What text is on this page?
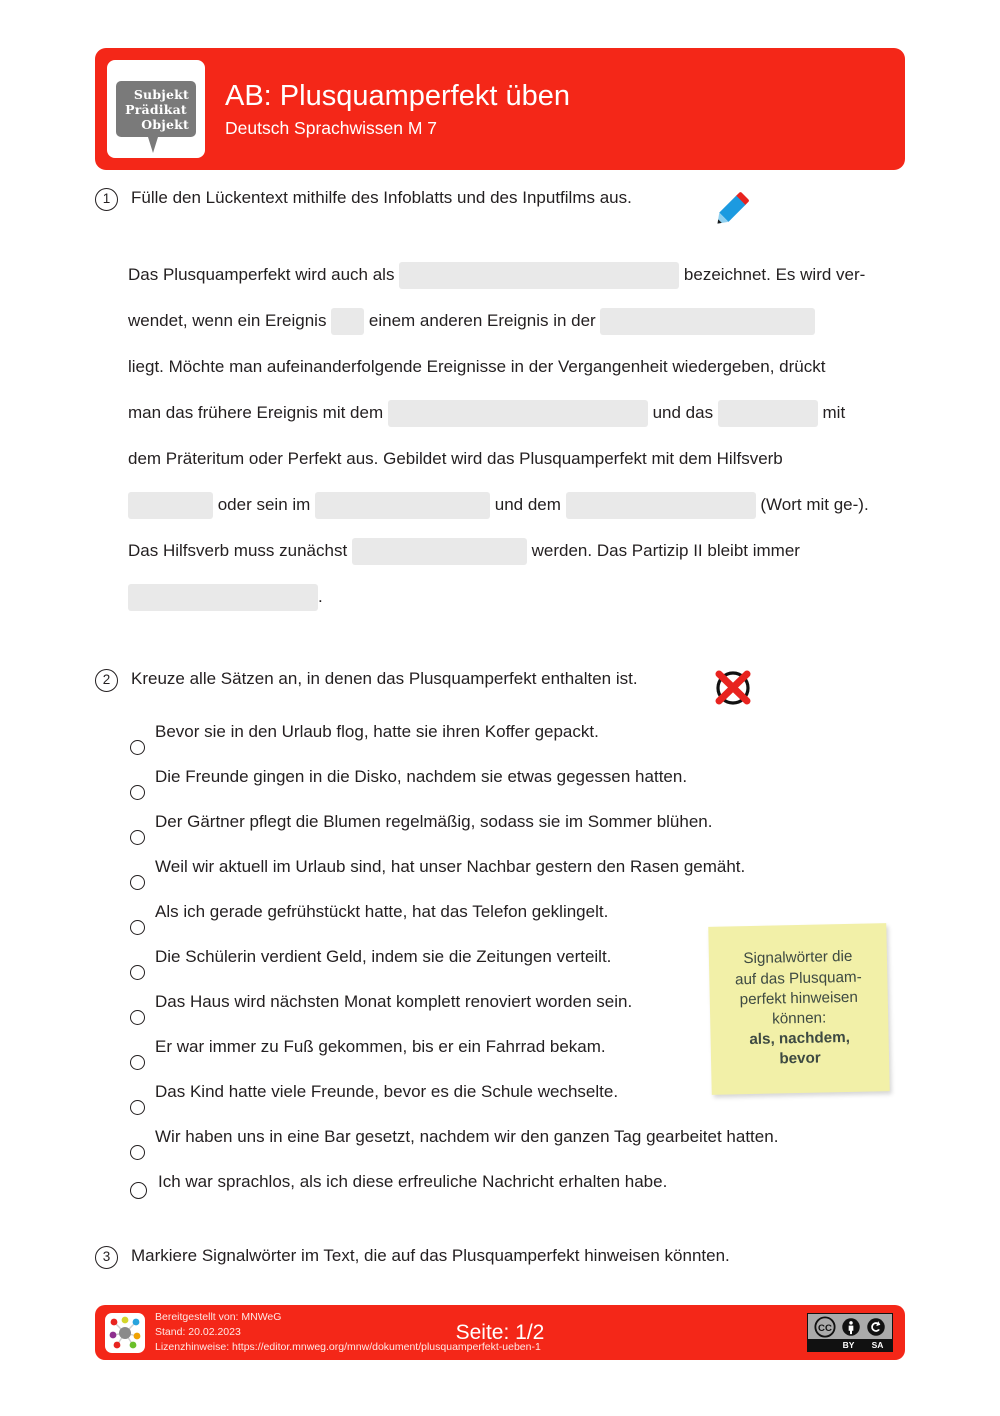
Subjekt
Prädikat
Objekt
AB: Plusquamperfekt üben
Deutsch Sprachwissen M 7
1	Fülle den Lückentext mithilfe des Infoblatts und des Inputfilms aus.
Das Plusquamperfekt wird auch als	bezeichnet. Es wird ver-
wendet, wenn ein Ereignis einem anderen Ereignis in der
liegt. Möchte man aufeinanderfolgende Ereignisse in der Vergangenheit wiedergeben, drückt
man das frühere Ereignis mit dem	und das	mit
dem Präteritum oder Perfekt aus. Gebildet wird das Plusquamperfekt mit dem Hilfsverb
oder sein im	und dem	(Wort mit ge-).
Das Hilfsverb muss zunächst	werden. Das Partizip II bleibt immer
.
2	Kreuze alle Sätzen an, in denen das Plusquamperfekt enthalten ist.
Bevor sie in den Urlaub flog, hatte sie ihren Koffer gepackt.
Die Freunde gingen in die Disko, nachdem sie etwas gegessen hatten.
Der Gärtner pflegt die Blumen regelmäßig, sodass sie im Sommer blühen.
Weil wir aktuell im Urlaub sind, hat unser Nachbar gestern den Rasen gemäht.
Als ich gerade gefrühstückt hatte, hat das Telefon geklingelt.
Die Schülerin verdient Geld, indem sie die Zeitungen verteilt.
Das Haus wird nächsten Monat komplett renoviert worden sein.
Er war immer zu Fuß gekommen, bis er ein Fahrrad bekam.
Das Kind hatte viele Freunde, bevor es die Schule wechselte.
Wir haben uns in eine Bar gesetzt, nachdem wir den ganzen Tag gearbeitet hatten.
Ich war sprachlos, als ich diese erfreuliche Nachricht erhalten habe.
Signalwörter die
auf das Plusquam-
perfekt hinweisen
können:
als, nachdem,
bevor
3	Markiere Signalwörter im Text, die auf das Plusquamperfekt hinweisen könnten.
Bereitgestellt von: MNWeG
Stand: 20.02.2023
Lizenzhinweise: https://editor.mnweg.org/mnw/dokument/plusquamperfekt-ueben-1
Seite: 1/2	CC
BY SA
